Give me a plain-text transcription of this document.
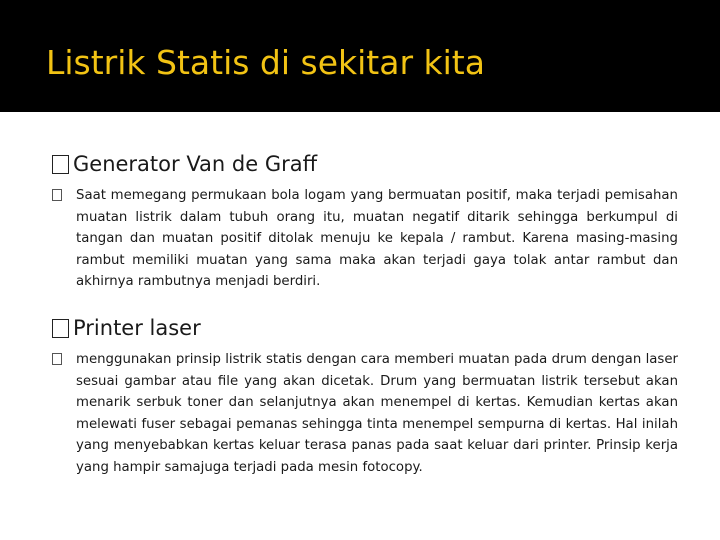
Listrik Statis di sekitar kita
Generator Van de Graff
Saat memegang permukaan bola logam yang bermuatan positif, maka terjadi pemisahan muatan listrik dalam tubuh orang itu, muatan negatif ditarik sehingga berkumpul di tangan dan muatan positif ditolak menuju ke kepala / rambut. Karena masing-masing rambut memiliki muatan yang sama maka akan terjadi gaya tolak antar rambut dan akhirnya rambutnya menjadi berdiri.
Printer laser
menggunakan prinsip listrik statis dengan cara memberi muatan pada drum dengan laser sesuai gambar atau file yang akan dicetak. Drum yang bermuatan listrik tersebut akan menarik serbuk toner dan selanjutnya akan menempel di kertas. Kemudian kertas akan melewati fuser sebagai pemanas sehingga tinta menempel sempurna di kertas. Hal inilah yang menyebabkan kertas keluar terasa panas pada saat keluar dari printer. Prinsip kerja yang hampir samajuga terjadi pada mesin fotocopy.
